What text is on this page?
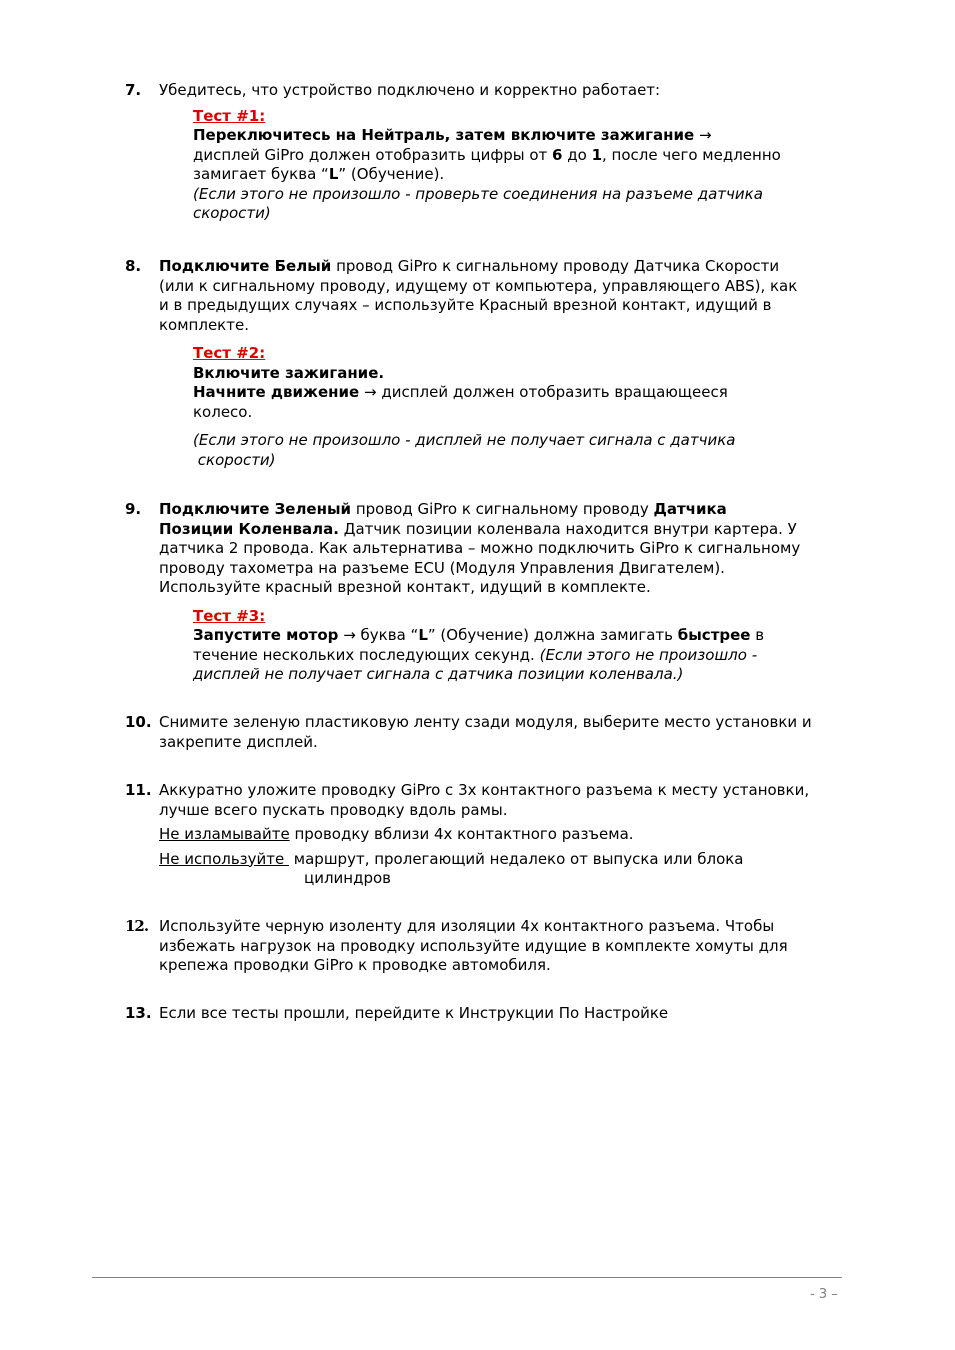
7. Убедитесь, что устройство подключено и корректно работает:

Тест #1:
Переключитесь на Нейтраль, затем включите зажигание →
дисплей GiPro должен отобразить цифры от 6 до 1, после чего медленно
замигает буква “L” (Обучение).
(Если этого не произошло - проверьте соединения на разъеме датчика
скорости)
8. Подключите Белый провод GiPro к сигнальному проводу Датчика Скорости
(или к сигнальному проводу, идущему от компьютера, управляющего ABS), как
и в предыдущих случаях – используйте Красный врезной контакт, идущий в
комплекте.
Тест #2:
Включите зажигание.
Начните движение → дисплей должен отобразить вращающееся
колесо.
(Если этого не произошло - дисплей не получает сигнала с датчика
скорости)
9. Подключите Зеленый провод GiPro к сигнальному проводу Датчика
Позиции Коленвала. Датчик позиции коленвала находится внутри картера. У
датчика 2 провода. Как альтернатива – можно подключить GiPro к сигнальному
проводу тахометра на разъеме ECU (Модуля Управления Двигателем).
Используйте красный врезной контакт, идущий в комплекте.
Тест #3:
Запустите мотор → буква “L” (Обучение) должна замигать быстрее в
течение нескольких последующих секунд. (Если этого не произошло -
дисплей не получает сигнала с датчика позиции коленвала.)
10. Снимите зеленую пластиковую ленту сзади модуля, выберите место установки и
закрепите дисплей.
11. Аккуратно уложите проводку GiPro с 3х контактного разъема к месту установки,
лучше всего пускать проводку вдоль рамы.
Не изламывайте проводку вблизи 4х контактного разъема.
Не используйте  маршрут, пролегающий недалеко от выпуска или блока
цилиндров
12. Используйте черную изоленту для изоляции 4х контактного разъема. Чтобы
избежать нагрузок на проводку используйте идущие в комплекте хомуты для
крепежа проводки GiPro к проводке автомобиля.
13. Если все тесты прошли, перейдите к Инструкции По Настройке
- 3 –
